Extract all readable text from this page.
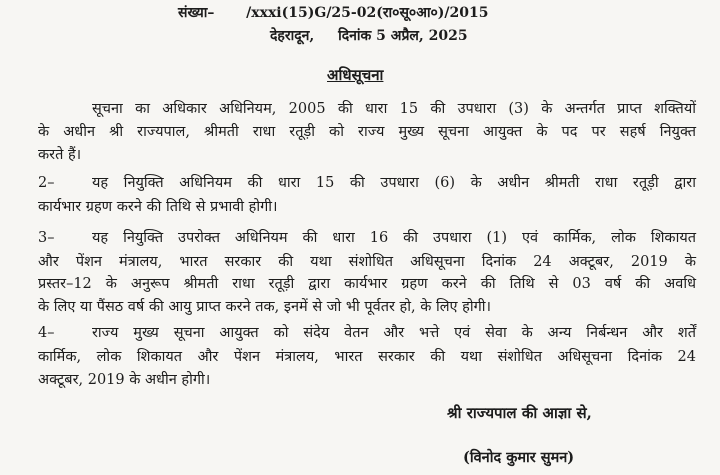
संख्या– /xxxi(15)G/25-02(रा०सू०आ०)/2015
देहरादून, दिनांक 5 अप्रैल, 2025
अधिसूचना
सूचना का अधिकार अधिनियम, 2005 की धारा 15 की उपधारा (3) के अन्तर्गत प्राप्त शक्तियों
के अधीन श्री राज्यपाल, श्रीमती राधा रतूड़ी को राज्य मुख्य सूचना आयुक्त के पद पर सहर्ष नियुक्त
करते हैं।
2–	यह नियुक्ति अधिनियम की धारा 15 की उपधारा (6) के अधीन श्रीमती राधा रतूड़ी द्वारा
कार्यभार ग्रहण करने की तिथि से प्रभावी होगी।
3–	यह नियुक्ति उपरोक्त अधिनियम की धारा 16 की उपधारा (1) एवं कार्मिक, लोक शिकायत
और पेंशन मंत्रालय, भारत सरकार की यथा संशोधित अधिसूचना दिनांक 24 अक्टूबर, 2019 के
प्रस्तर–12 के अनुरूप श्रीमती राधा रतूड़ी द्वारा कार्यभार ग्रहण करने की तिथि से 03 वर्ष की अवधि
के लिए या पैंसठ वर्ष की आयु प्राप्त करने तक, इनमें से जो भी पूर्वतर हो, के लिए होगी।
4–	राज्य मुख्य सूचना आयुक्त को संदेय वेतन और भत्ते एवं सेवा के अन्य निर्बन्धन और शर्तें
कार्मिक, लोक शिकायत और पेंशन मंत्रालय, भारत सरकार की यथा संशोधित अधिसूचना दिनांक 24
अक्टूबर, 2019 के अधीन होगी।
श्री राज्यपाल की आज्ञा से,
(विनोद कुमार सुमन)
